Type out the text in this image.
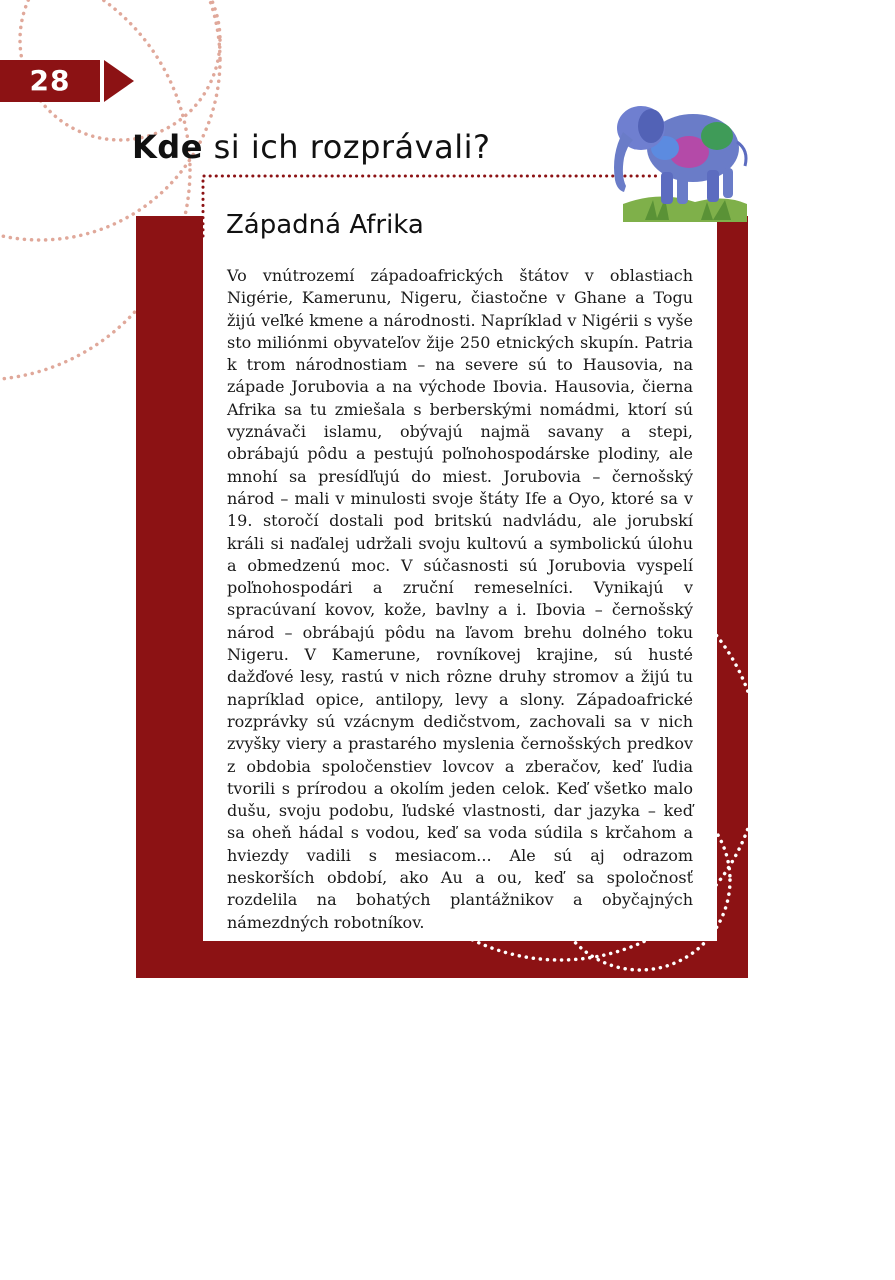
28
Kde si ich rozprávali?
Západná Afrika

Vo vnútrozemí západoafrických štátov v oblastiach Nigérie, Kamerunu, Nigeru, čiastočne v Ghane a Togu žijú veľké kmene a národnosti. Napríklad v Nigérii s vyše sto miliónmi obyvateľov žije 250 etnických skupín. Patria k trom národnostiam – na severe sú to Hausovia, na západe Jorubovia a na východe Ibovia. Hausovia, čierna Afrika sa tu zmiešala s berberskými nomádmi, ktorí sú vyznávači islamu, obývajú najmä savany a stepi, obrábajú pôdu a pestujú poľnohospodárske plodiny, ale mnohí sa presídľujú do miest. Jorubovia – černošský národ – mali v minulosti svoje štáty Ife a Oyo, ktoré sa v 19. storočí dostali pod britskú nadvládu, ale jorubskí králi si naďalej udržali svoju kultovú a symbolickú úlohu a obmedzenú moc. V súčasnosti sú Jorubovia vyspelí poľnohospodári a zruční remeselníci. Vynikajú v spracúvaní kovov, kože, bavlny a i. Ibovia – černošský národ – obrábajú pôdu na ľavom brehu dolného toku Nigeru. V Kamerune, rovníkovej krajine, sú husté dažďové lesy, rastú v nich rôzne druhy stromov a žijú tu napríklad opice, antilopy, levy a slony. Západoafrické rozprávky sú vzácnym dedičstvom, zachovali sa v nich zvyšky viery a prastarého myslenia černošských predkov z obdobia spoločenstiev lovcov a zberačov, keď ľudia tvorili s prírodou a okolím jeden celok. Keď všetko malo dušu, svoju podobu, ľudské vlastnosti, dar jazyka – keď sa oheň hádal s vodou, keď sa voda súdila s krčahom a hviezdy vadili s mesiacom... Ale sú aj odrazom neskorších období, ako Au a ou, keď sa spoločnosť rozdelila na bohatých plantážnikov a obyčajných námezdných robotníkov.
